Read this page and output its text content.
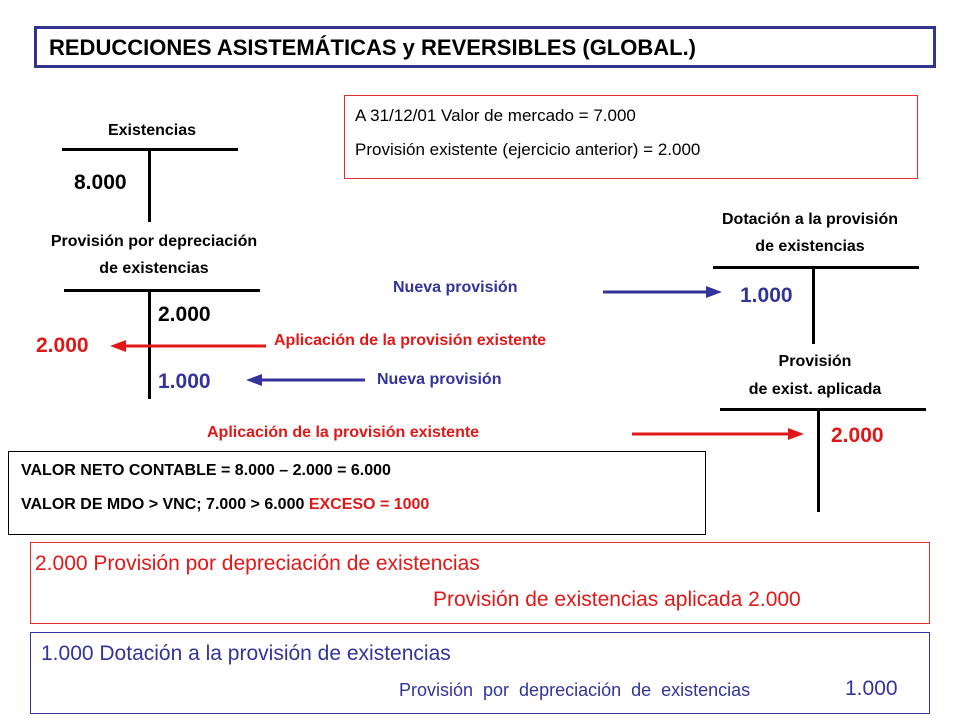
REDUCCIONES ASISTEMÁTICAS y REVERSIBLES (GLOBAL.)
A 31/12/01 Valor de mercado = 7.000
Provisión existente (ejercicio anterior) = 2.000
Existencias
8.000
Provisión por depreciación
de existencias
2.000
2.000
1.000
Dotación a la provisión
de existencias
1.000
Provisión
de exist. aplicada
2.000
Nueva provisión
Aplicación de la provisión existente
Nueva provisión
Aplicación de la provisión existente
VALOR NETO CONTABLE = 8.000 – 2.000 = 6.000
VALOR DE MDO > VNC; 7.000 > 6.000 EXCESO = 1000
2.000 Provisión por depreciación de existencias
Provisión de existencias aplicada 2.000
1.000 Dotación a la provisión de existencias
Provisión  por  depreciación  de  existencias	1.000
